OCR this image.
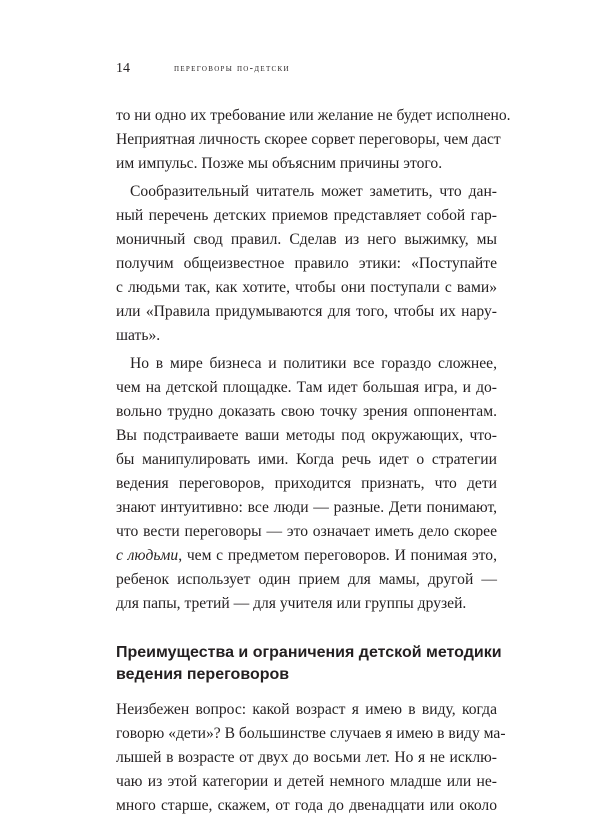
14	переговоры по-детски

то ни одно их требование или желание не будет исполнено.
Неприятная личность скорее сорвет переговоры, чем даст
им импульс. Позже мы объясним причины этого.

Сообразительный читатель может заметить, что дан-
ный перечень детских приемов представляет собой гар-
моничный свод правил. Сделав из него выжимку, мы
получим общеизвестное правило этики: «Поступайте
с людьми так, как хотите, чтобы они поступали с вами»
или «Правила придумываются для того, чтобы их нару-
шать».

Но в мире бизнеса и политики все гораздо сложнее,
чем на детской площадке. Там идет большая игра, и до-
вольно трудно доказать свою точку зрения оппонентам.
Вы подстраиваете ваши методы под окружающих, что-
бы манипулировать ими. Когда речь идет о стратегии
ведения переговоров, приходится признать, что дети
знают интуитивно: все люди — разные. Дети понимают,
что вести переговоры — это означает иметь дело скорее
с людьми, чем с предметом переговоров. И понимая это,
ребенок использует один прием для мамы, другой —
для папы, третий — для учителя или группы друзей.

Преимущества и ограничения детской методики
ведения переговоров

Неизбежен вопрос: какой возраст я имею в виду, когда
говорю «дети»? В большинстве случаев я имею в виду ма-
лышей в возрасте от двух до восьми лет. Но я не исклю-
чаю из этой категории и детей немного младше или не-
много старше, скажем, от года до двенадцати или около
